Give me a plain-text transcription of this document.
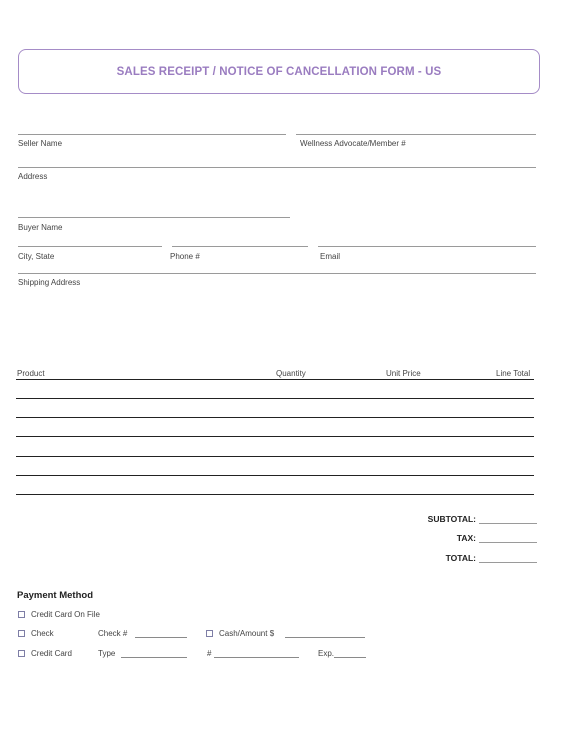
SALES RECEIPT / NOTICE OF CANCELLATION FORM - US
Seller Name	Wellness Advocate/Member #
Address
Buyer Name
City, State	Phone #	Email
Shipping Address
Product	Quantity	Unit Price	Line Total
SUBTOTAL:
TAX:
TOTAL:
Payment Method
Credit Card On File
Check	Check #	Cash/Amount $
Credit Card	Type	#	Exp.
